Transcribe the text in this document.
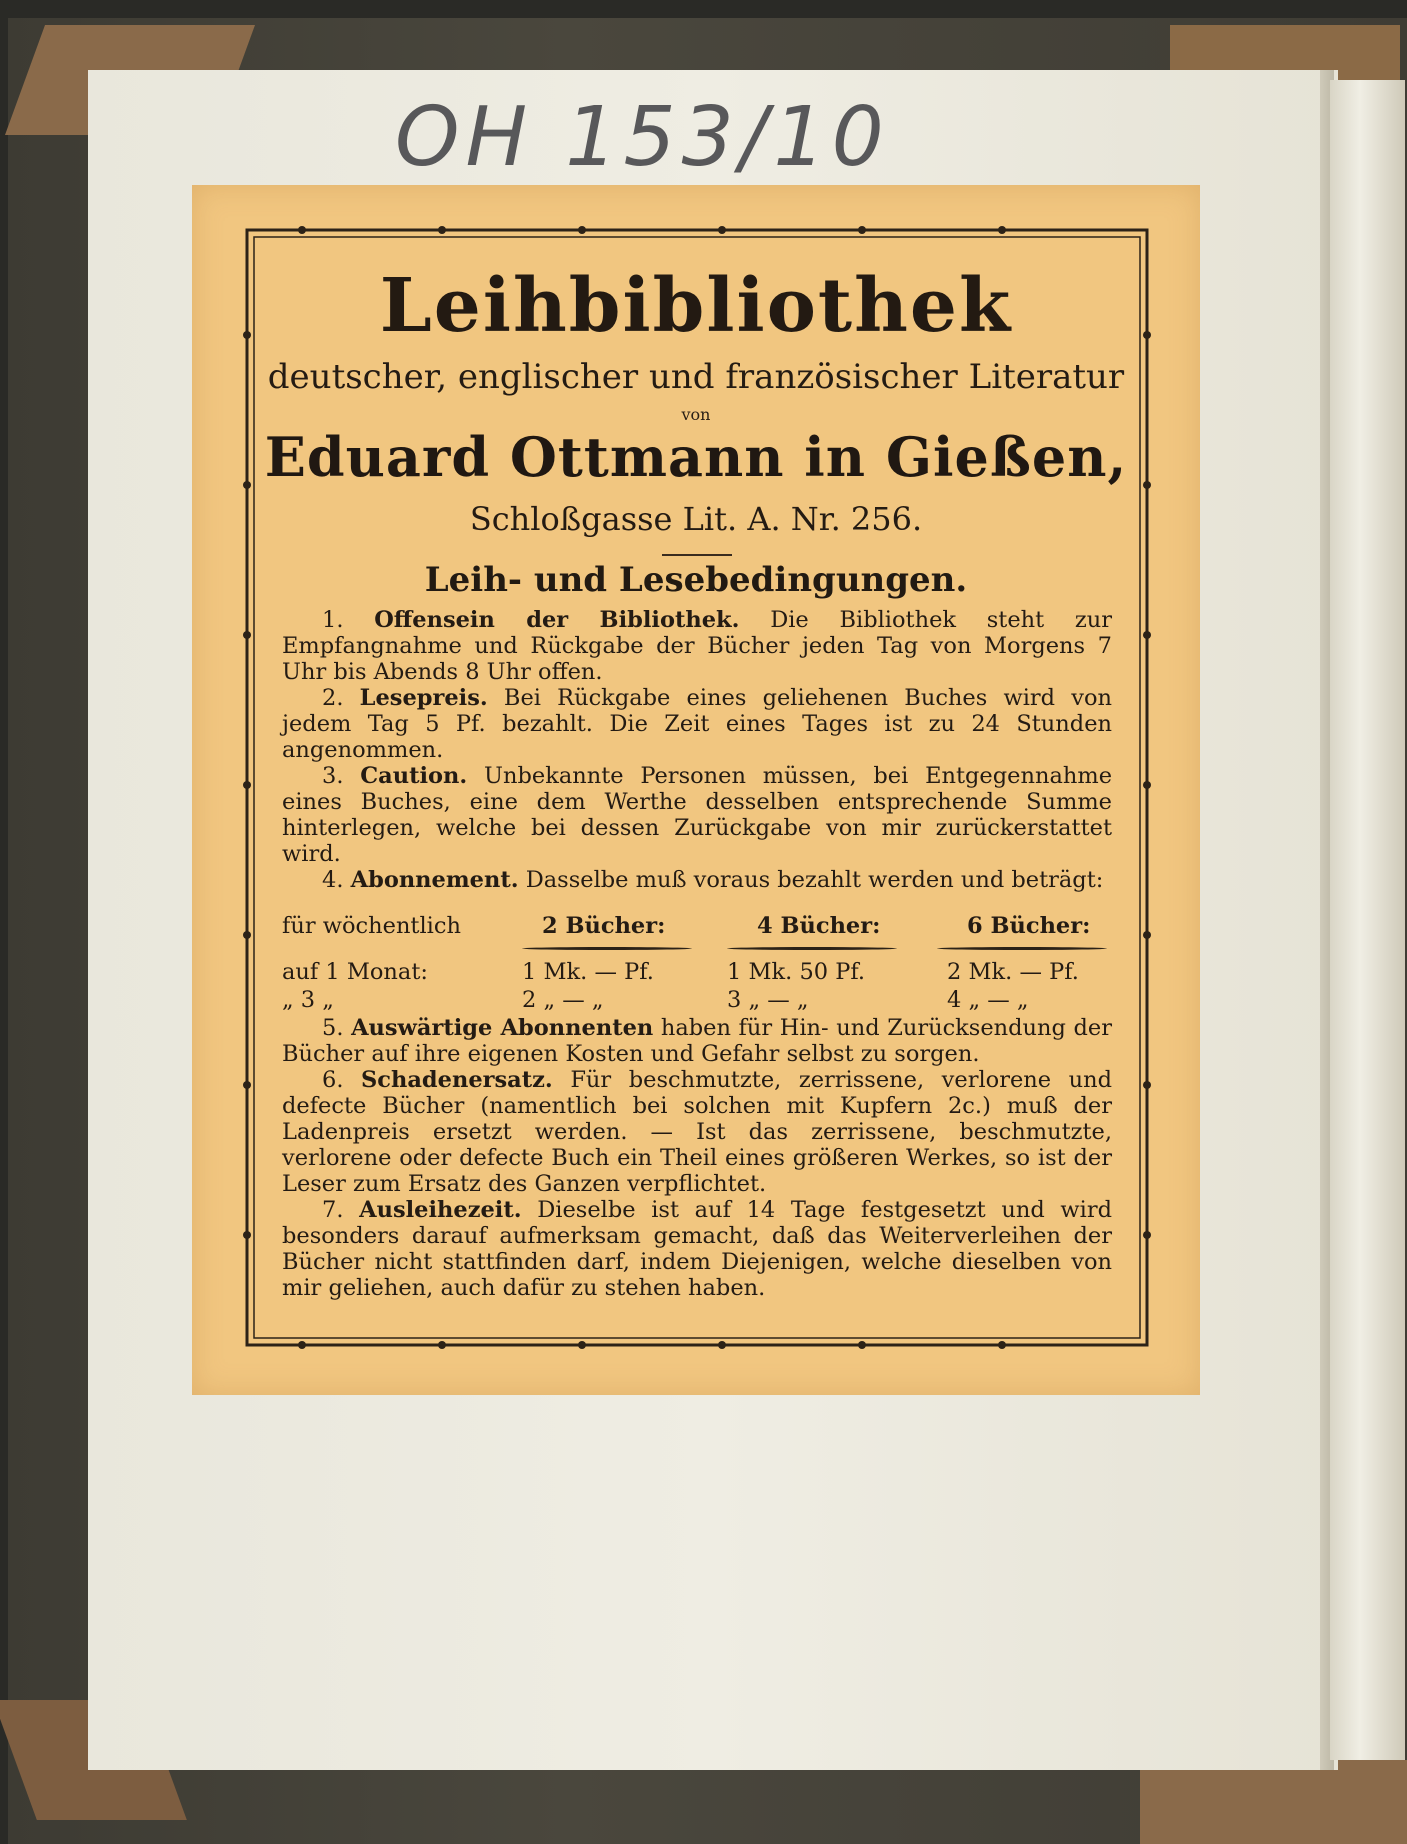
OH 153/10
Leihbibliothek
deutscher, englischer und französischer Literatur
von
Eduard Ottmann in Gießen,
Schloßgasse Lit. A. Nr. 256.
Leih- und Lesebedingungen.

1. Offensein der Bibliothek. Die Bibliothek steht zur Empfangnahme und Rückgabe der Bücher jeden Tag von Morgens 7 Uhr bis Abends 8 Uhr offen.

2. Lesepreis. Bei Rückgabe eines geliehenen Buches wird von jedem Tag 5 Pf. bezahlt. Die Zeit eines Tages ist zu 24 Stunden angenommen.

3. Caution. Unbekannte Personen müssen, bei Entgegennahme eines Buches, eine dem Werthe desselben entsprechende Summe hinterlegen, welche bei dessen Zurückgabe von mir zurückerstattet wird.

4. Abonnement. Dasselbe muß voraus bezahlt werden und beträgt:

für wöchentlich	2 Bücher:	4 Bücher:	6 Bücher:
auf 1 Monat:	1 Mk. — Pf.	1 Mk. 50 Pf.	2 Mk. — Pf.
„ 3 „	2 „ — „	3 „ — „	4 „ — „

5. Auswärtige Abonnenten haben für Hin- und Zurücksendung der Bücher auf ihre eigenen Kosten und Gefahr selbst zu sorgen.

6. Schadenersatz. Für beschmutzte, zerrissene, verlorene und defecte Bücher (namentlich bei solchen mit Kupfern 2c.) muß der Ladenpreis ersetzt werden. — Ist das zerrissene, beschmutzte, verlorene oder defecte Buch ein Theil eines größeren Werkes, so ist der Leser zum Ersatz des Ganzen verpflichtet.

7. Ausleihezeit. Dieselbe ist auf 14 Tage festgesetzt und wird besonders darauf aufmerksam gemacht, daß das Weiterverleihen der Bücher nicht stattfinden darf, indem Diejenigen, welche dieselben von mir geliehen, auch dafür zu stehen haben.
